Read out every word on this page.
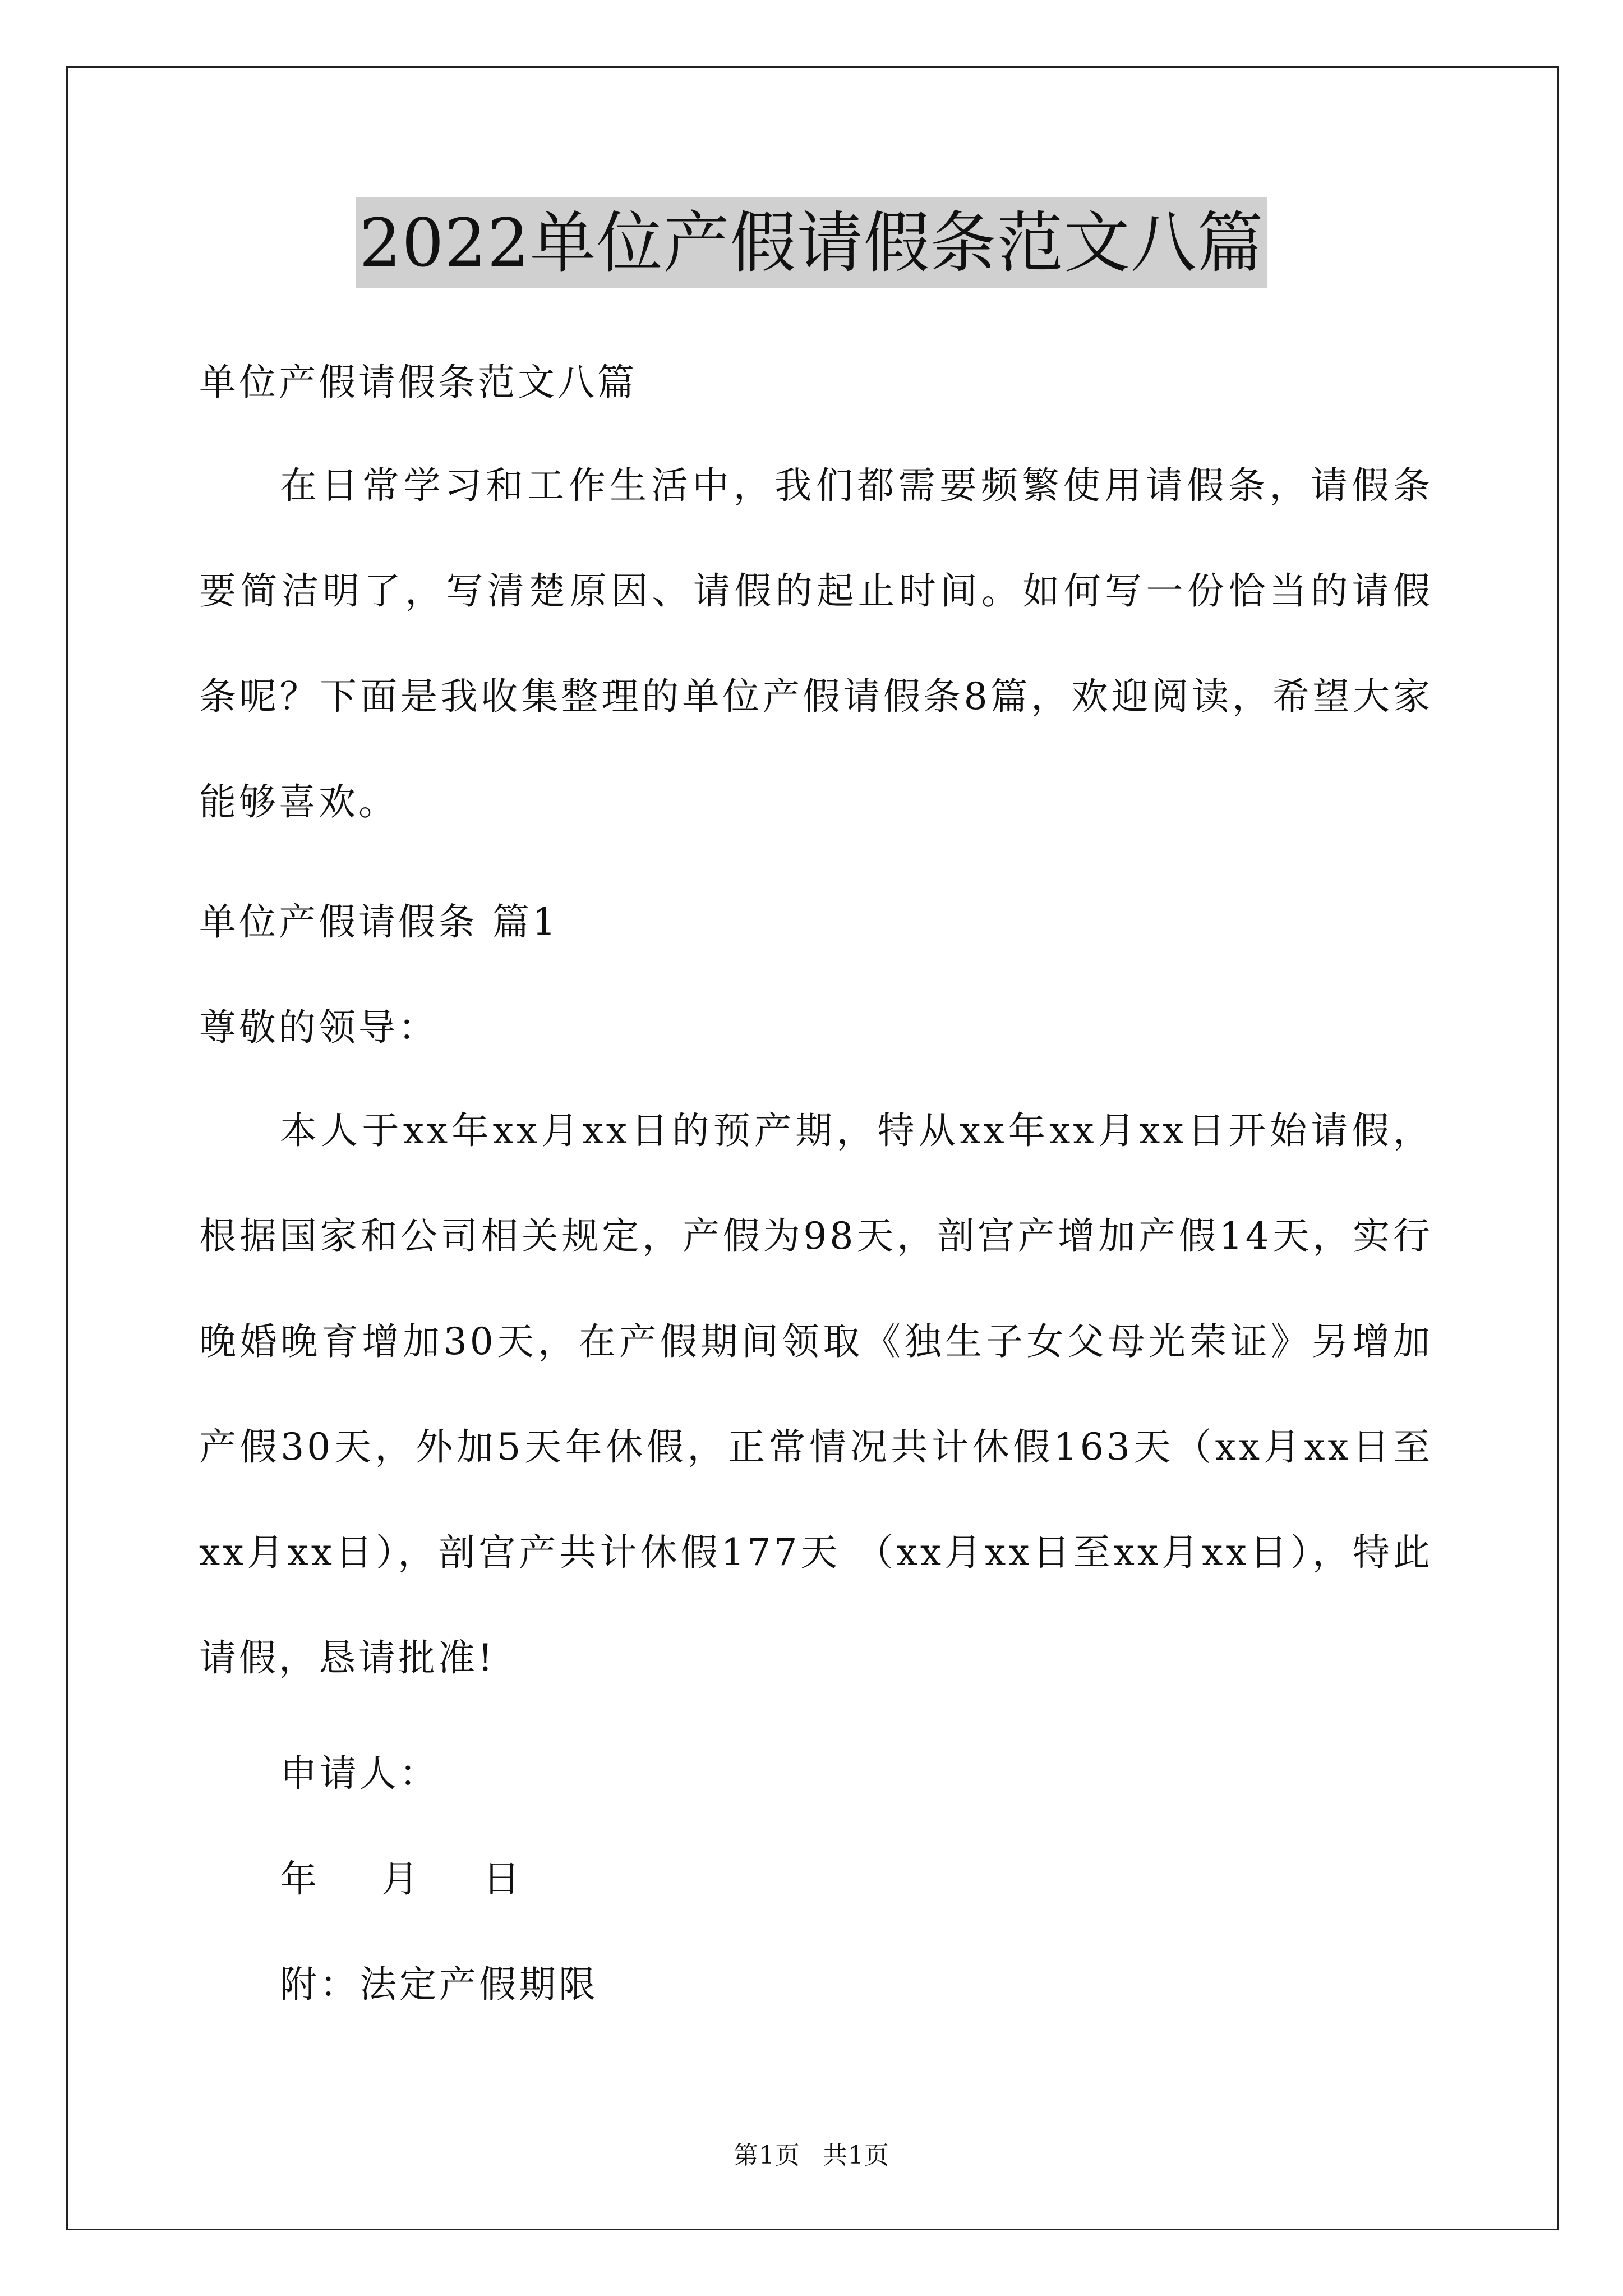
2022单位产假请假条范文八篇
单位产假请假条范文八篇

在日常学习和工作生活中，我们都需要频繁使用请假条，请假条要简洁明了，写清楚原因、请假的起止时间。如何写一份恰当的请假条呢？下面是我收集整理的单位产假请假条8篇，欢迎阅读，希望大家能够喜欢。

单位产假请假条 篇1
尊敬的领导：

本人于xx年xx月xx日的预产期，特从xx年xx月xx日开始请假，根据国家和公司相关规定，产假为98天，剖宫产增加产假14天，实行晚婚晚育增加30天，在产假期间领取《独生子女父母光荣证》另增加产假30天，外加5天年休假，正常情况共计休假163天（xx月xx日至xx月xx日），剖宫产共计休假177天 （xx月xx日至xx月xx日），特此请假，恳请批准!

申请人：
年 月 日
附：法定产假期限
第1页 共1页
